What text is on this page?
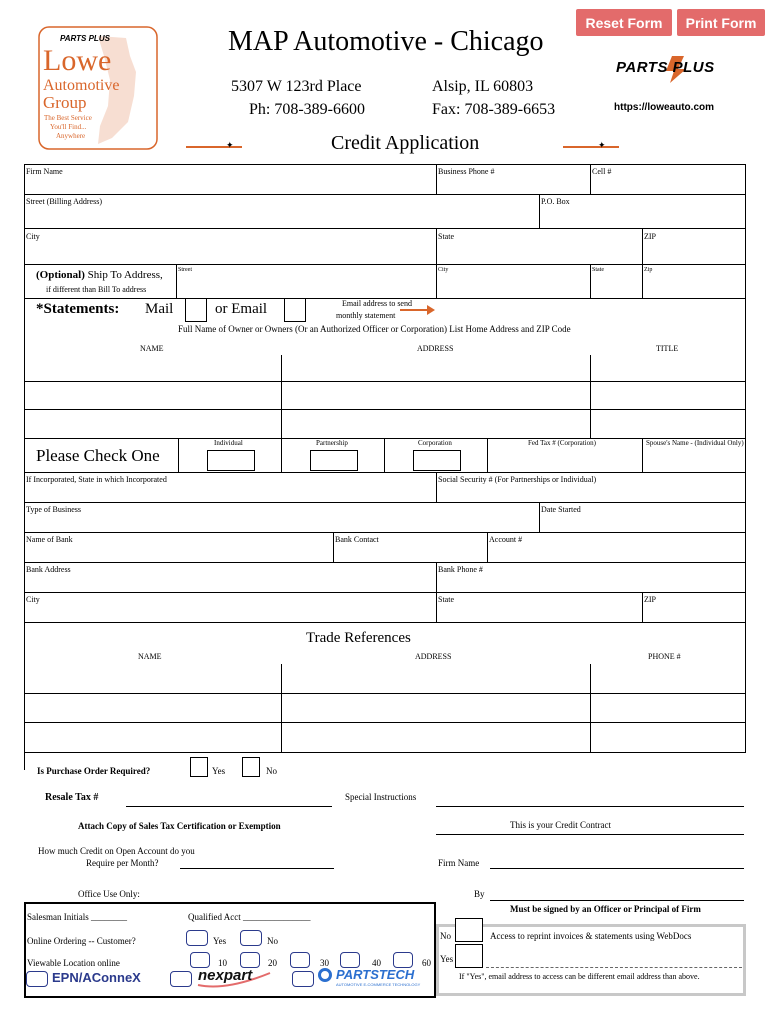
Reset Form	Print Form
PARTS PLUS
Lowe
Automotive
Group
The Best Service
You'll Find...
Anywhere
MAP Automotive - Chicago
5307 W 123rd Place	Alsip, IL 60803
Ph: 708-389-6600	Fax: 708-389-6653
PARTS PLUS
https://loweauto.com
Credit Application
✦	✦
Firm Name	Business Phone #	Cell #
Street (Billing Address)	P.O. Box
City	State	ZIP
(Optional) Ship To Address,
if different than Bill To address
Street	City	State	Zip
*Statements: Mail	or Email	Email address to send
monthly statement
Full Name of Owner or Owners (Or an Authorized Officer or Corporation) List Home Address and ZIP Code
NAME	ADDRESS	TITLE
Please Check One
Individual	Partnership	Corporation	Fed Tax # (Corporation)	Spouse's Name - (Individual Only)
If Incorporated, State in which Incorporated	Social Security # (For Partnerships or Individual)
Type of Business	Date Started
Name of Bank	Bank Contact	Account #
Bank Address	Bank Phone #
City	State	ZIP
Trade References
NAME	ADDRESS	PHONE #
Is Purchase Order Required?	Yes	No
Resale Tax #	Special Instructions
Attach Copy of Sales Tax Certification or Exemption	This is your Credit Contract
How much Credit on Open Account do you
Require per Month?	Firm Name
Office Use Only:	By
Must be signed by an Officer or Principal of Firm
Salesman Initials ________	Qualified Acct _______________
Online Ordering -- Customer?	Yes	No
Viewable Location online	10	20	30	40	60
EPN/AConneX	nexpart	PARTSTECH
AUTOMOTIVE E-COMMERCE TECHNOLOGY
No	Access to reprint invoices & statements using WebDocs
Yes
If "Yes", email address to access can be different email address than above.
